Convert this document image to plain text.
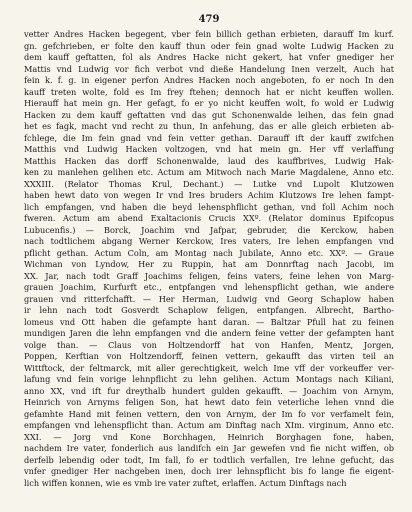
479
vetter Andres Hacken begegent, vber fein billich gethan erbieten, darauff Im kurf.
gn. gefchrieben, er folte den kauff thun oder fein gnad wolte Ludwig Hacken zu
dem kauff geftatten, fol als Andres Hacke nicht gekert, hat vnfer gnediger her
Mattis vnd Ludwig vor fich verbot vnd dieße Handelung Inen verzelt, Auch hat
fein k. f. g. in eigener perfon Andres Hacken noch angeboten, fo er noch In den
kauff treten wolte, fold es Im frey ftehen; dennoch hat er nicht keuffen wollen.
Hierauff hat mein gn. Her gefagt, fo er yo nicht keuffen wolt, fo wold er Ludwig
Hacken zu dem kauff geftatten vnd das gut Schonenwalde leihen, das fein gnad
het es fagk, macht vnd recht zu thun, In anfehung, das er alle gleich erbieten ab-
fchlege, die Im fein gnad vnd fein vetter gethan. Darauff ift der kauff zwifchen
Matthis vnd Ludwig Hacken voltzogen, vnd hat mein gn. Her vff verlaffung
Matthis Hacken das dorff Schonenwalde, laud des kauffbrives, Ludwig Hak-
ken zu manlehen gelihen etc. Actum am Mitwoch nach Marie Magdalene, Anno etc.
XXXIII. (Relator Thomas Krul, Dechant.) — Lutke vnd Lupolt Klutzowen
haben hewt dato von wegen Ir vnd Ires bruders Achim Klutzows Ire lehen fampt-
lich empfangen, vnd haben die beyd lehensphflicht gethan, vnd foll Achim noch
fweren. Actum am abend Exaltacionis Crucis XXº. (Relator dominus Epifcopus
Lubucenfis.) — Borck, Joachim vnd Jafpar, gebruder, die Kerckow, haben
nach todtlichem abgang Werner Kerckow, Ires vaters, Ire lehen empfangen vnd
pflicht gethan. Actum Coln, am Montag nach Jubilate, Anno etc. XXº. — Graue
Wichman von Lyndow, Her zu Ruppin, hat am Donnrftag nach Jacobi, im
XX. Jar, nach todt Graff Joachims feligen, feins vaters, feine lehen von Marg-
grauen Joachim, Kurfurft etc., entpfangen vnd lehenspflicht gethan, wie andere
grauen vnd ritterfchafft. — Her Herman, Ludwig vnd Georg Schaplow haben
ir lehn nach todt Gosverdt Schaplow feligen, entpfangen. Albrecht, Bartho-
lomeus vnd Ott haben die gefampte hant daran. — Baltzar Pfull hat zu feinen
mundigen Jaren die lehn empfangen vnd die andern feine vetter der gefampten hant
volge than. — Claus von Holtzendorff hat von Hanfen, Mentz, Jorgen,
Poppen, Kerftian von Holtzendorff, feinen vettern, gekaufft das virten teil an
Wittftock, der feltmarck, mit aller gerechtigkeit, welch Ime vff der vorkeuffer ver-
lafung vnd fein vorige lehnpflicht zu lehn gelihen. Actum Montags nach Kiliani,
anno XX, vnd ift fur dreythalb hundert gulden gekaufft. — Joachim von Arnym,
Heinrich von Arnyms feligen Son, hat hewt dato fein veterliche lehen vnnd die
gefamhte Hand mit feinen vettern, den von Arnym, der Im fo vor verfamelt fein,
empfangen vnd lehenspflicht than. Actum am Dinftag nach XIm. virginum, Anno etc.
XXI. — Jorg vnd Kone Borchhagen, Heinrich Borghagen fone, haben,
nachdem Ire vater, fonderlich aus landifch ein Jar gewefen vnd fie nicht wiffen, ob
derfelb lebendig oder todt, Im fall, fo er todtlich verfallen, Ire lehne gefucht, das
vnfer gnediger Her nachgeben inen, doch irer lehnspflicht bis fo lange fie eigent-
lich wiffen konnen, wie es vmb ire vater zuftet, erlaffen. Actum Dinftags nach
